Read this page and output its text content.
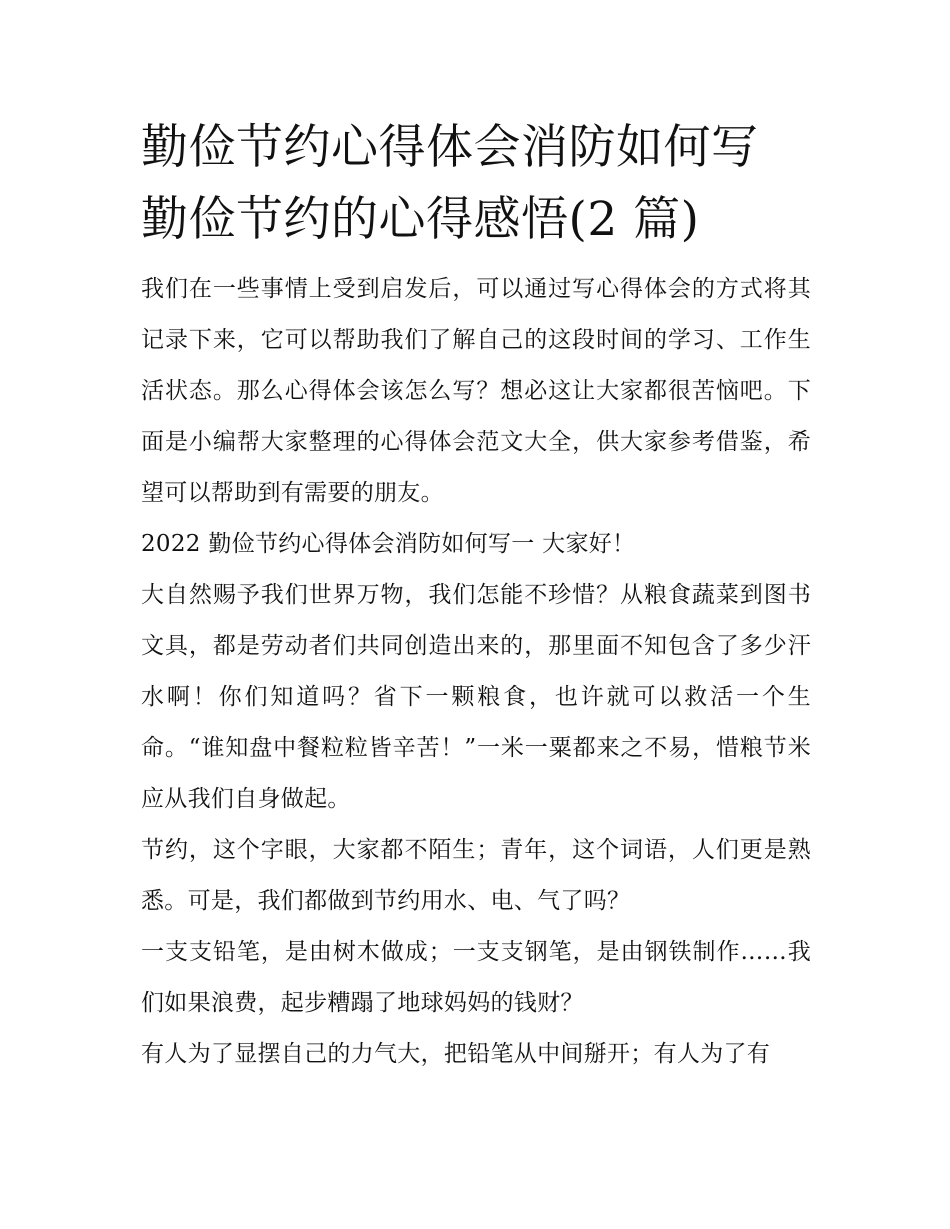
勤俭节约心得体会消防如何写
勤俭节约的心得感悟(2 篇)

我们在一些事情上受到启发后，可以通过写心得体会的方式将其记录下来，它可以帮助我们了解自己的这段时间的学习、工作生活状态。那么心得体会该怎么写？想必这让大家都很苦恼吧。下面是小编帮大家整理的心得体会范文大全，供大家参考借鉴，希望可以帮助到有需要的朋友。

2022 勤俭节约心得体会消防如何写一 大家好！

大自然赐予我们世界万物，我们怎能不珍惜？从粮食蔬菜到图书文具，都是劳动者们共同创造出来的，那里面不知包含了多少汗水啊！你们知道吗？省下一颗粮食，也许就可以救活一个生命。“谁知盘中餐粒粒皆辛苦！”一米一粟都来之不易，惜粮节米应从我们自身做起。

节约，这个字眼，大家都不陌生；青年，这个词语，人们更是熟悉。可是，我们都做到节约用水、电、气了吗？

一支支铅笔，是由树木做成；一支支钢笔，是由钢铁制作……我们如果浪费，起步糟蹋了地球妈妈的钱财？

有人为了显摆自己的力气大，把铅笔从中间掰开；有人为了有
